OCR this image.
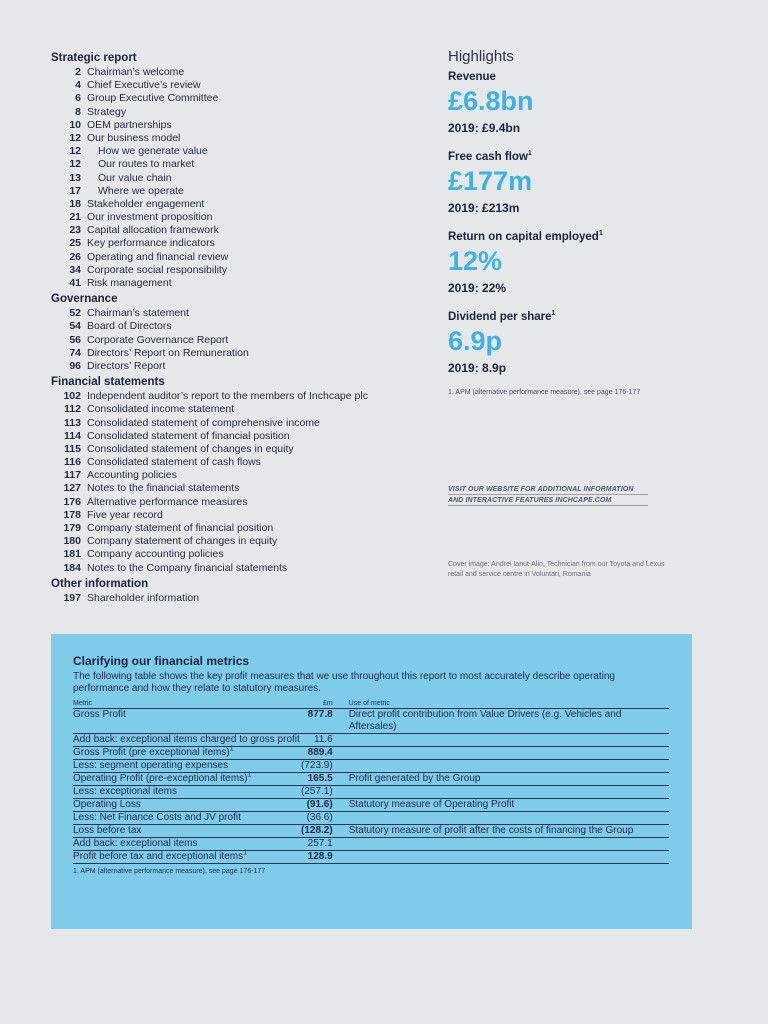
Strategic report
2 Chairman’s welcome
4 Chief Executive’s review
6 Group Executive Committee
8 Strategy
10 OEM partnerships
12 Our business model
12 How we generate value
12 Our routes to market
13 Our value chain
17 Where we operate
18 Stakeholder engagement
21 Our investment proposition
23 Capital allocation framework
25 Key performance indicators
26 Operating and financial review
34 Corporate social responsibility
41 Risk management
Governance
52 Chairman’s statement
54 Board of Directors
56 Corporate Governance Report
74 Directors’ Report on Remuneration
96 Directors’ Report
Financial statements
102 Independent auditor’s report to the members of Inchcape plc
112 Consolidated income statement
113 Consolidated statement of comprehensive income
114 Consolidated statement of financial position
115 Consolidated statement of changes in equity
116 Consolidated statement of cash flows
117 Accounting policies
127 Notes to the financial statements
176 Alternative performance measures
178 Five year record
179 Company statement of financial position
180 Company statement of changes in equity
181 Company accounting policies
184 Notes to the Company financial statements
Other information
197 Shareholder information
Highlights
Revenue
£6.8bn
2019: £9.4bn
Free cash flow$^1$
£177m
2019: £213m
Return on capital employed$^1$
12%
2019: 22%
Dividend per share$^1$
6.9p
2019: 8.9p
1. APM (alternative performance measure), see page 176-177
VISIT OUR WEBSITE FOR ADDITIONAL INFORMATION
AND INTERACTIVE FEATURES INCHCAPE.COM
Cover image: Andrei Ianut-Alin, Technician from our Toyota and Lexus retail and service centre in Voluntari, Romania
Clarifying our financial metrics
The following table shows the key profit measures that we use throughout this report to most accurately describe operating performance and how they relate to statutory measures.
Metric	£m	Use of metric
Gross Profit	877.8	Direct profit contribution from Value Drivers (e.g. Vehicles and Aftersales)
Add back: exceptional items charged to gross profit	11.6	
Gross Profit (pre exceptional items)$^1$	889.4	
Less: segment operating expenses	(723.9)	
Operating Profit (pre-exceptional items)$^1$	165.5	Profit generated by the Group
Less: exceptional items	(257.1)	
Operating Loss	(91.6)	Statutory measure of Operating Profit
Less: Net Finance Costs and JV profit	(36.6)	
Loss before tax	(128.2)	Statutory measure of profit after the costs of financing the Group
Add back: exceptional items	257.1	
Profit before tax and exceptional items$^1$	128.9	
1. APM (alternative performance measure), see page 176-177
